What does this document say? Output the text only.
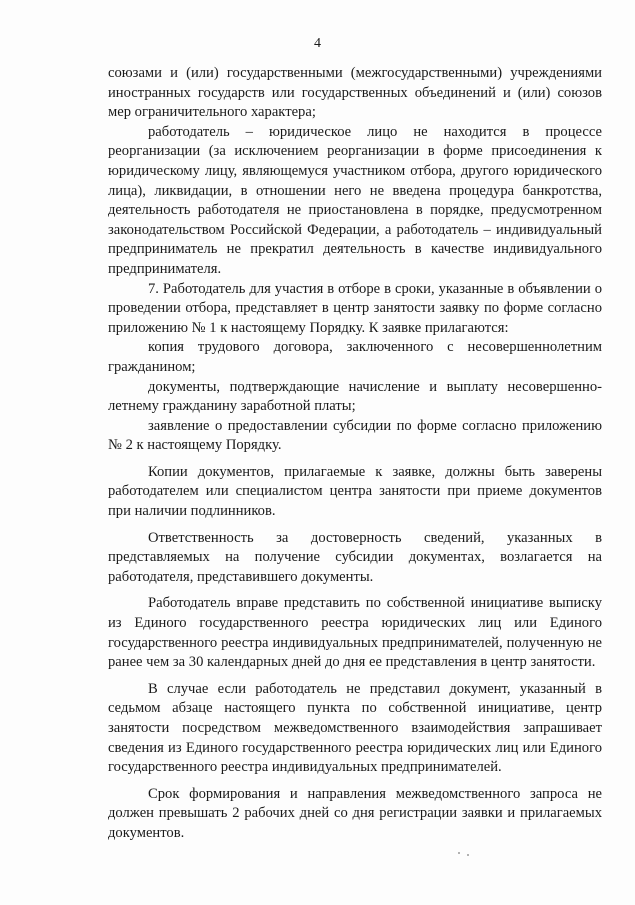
4

союзами и (или) государственными (межгосударственными) учреждениями иностранных государств или государственных объединений и (или) союзов мер ограничительного характера;

работодатель – юридическое лицо не находится в процессе реорганизации (за исключением реорганизации в форме присоединения к юридическому лицу, являющемуся участником отбора, другого юридического лица), ликвидации, в отношении него не введена процедура банкротства, деятельность работодателя не приостановлена в порядке, предусмотренном законодательством Российской Федерации, а работодатель – индивидуальный предприниматель не прекратил деятельность в качестве индивидуального предпринимателя.

7. Работодатель для участия в отборе в сроки, указанные в объявлении о проведении отбора, представляет в центр занятости заявку по форме согласно приложению № 1 к настоящему Порядку. К заявке прилагаются:

копия трудового договора, заключенного с несовершеннолетним гражданином;

документы, подтверждающие начисление и выплату несовершенно-летнему гражданину заработной платы;

заявление о предоставлении субсидии по форме согласно приложению № 2 к настоящему Порядку.

Копии документов, прилагаемые к заявке, должны быть заверены работодателем или специалистом центра занятости при приеме документов при наличии подлинников.

Ответственность за достоверность сведений, указанных в представляемых на получение субсидии документах, возлагается на работодателя, представившего документы.

Работодатель вправе представить по собственной инициативе выписку из Единого государственного реестра юридических лиц или Единого государственного реестра индивидуальных предпринимателей, полученную не ранее чем за 30 календарных дней до дня ее представления в центр занятости.

В случае если работодатель не представил документ, указанный в седьмом абзаце настоящего пункта по собственной инициативе, центр занятости посредством межведомственного взаимодействия запрашивает сведения из Единого государственного реестра юридических лиц или Единого государственного реестра индивидуальных предпринимателей.

Срок формирования и направления межведомственного запроса не должен превышать 2 рабочих дней со дня регистрации заявки и прилагаемых документов.
